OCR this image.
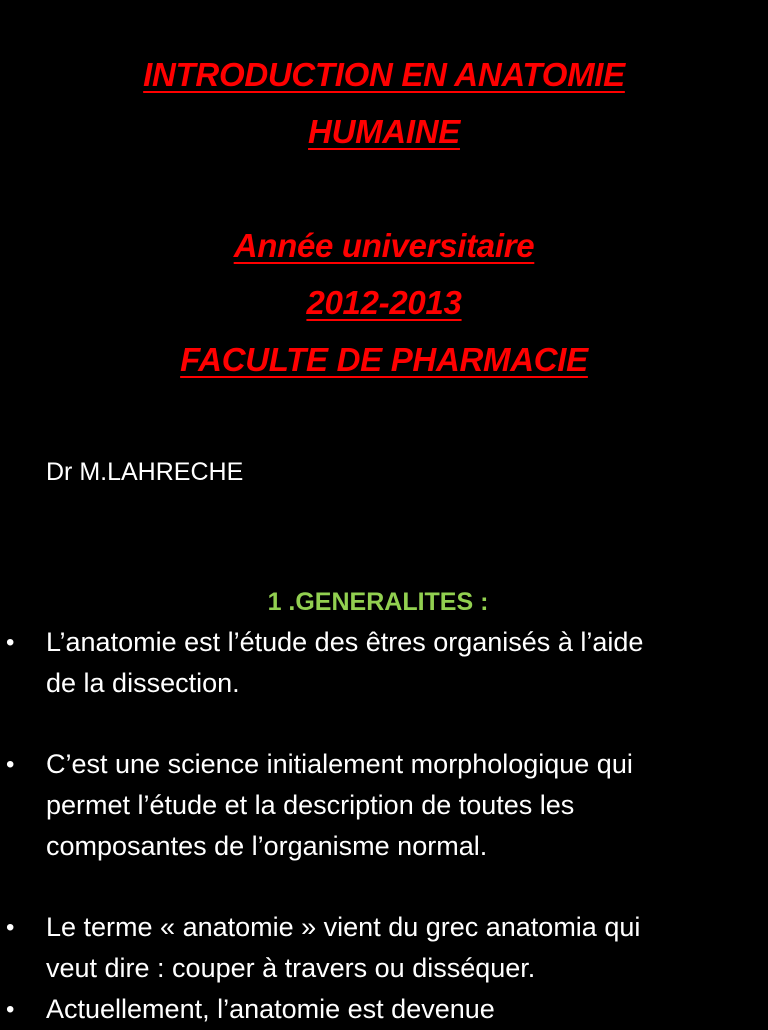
INTRODUCTION EN ANATOMIE
HUMAINE
Année universitaire
2012-2013
FACULTE DE PHARMACIE
Dr M.LAHRECHE
1 .GENERALITES :
• L’anatomie est l’étude des êtres organisés à l’aide
de la dissection.
• C’est une science initialement morphologique qui
permet l’étude et la description de toutes les
composantes de l’organisme normal.
• Le terme « anatomie » vient du grec anatomia qui
veut dire : couper à travers ou disséquer.
• Actuellement, l’anatomie est devenue
